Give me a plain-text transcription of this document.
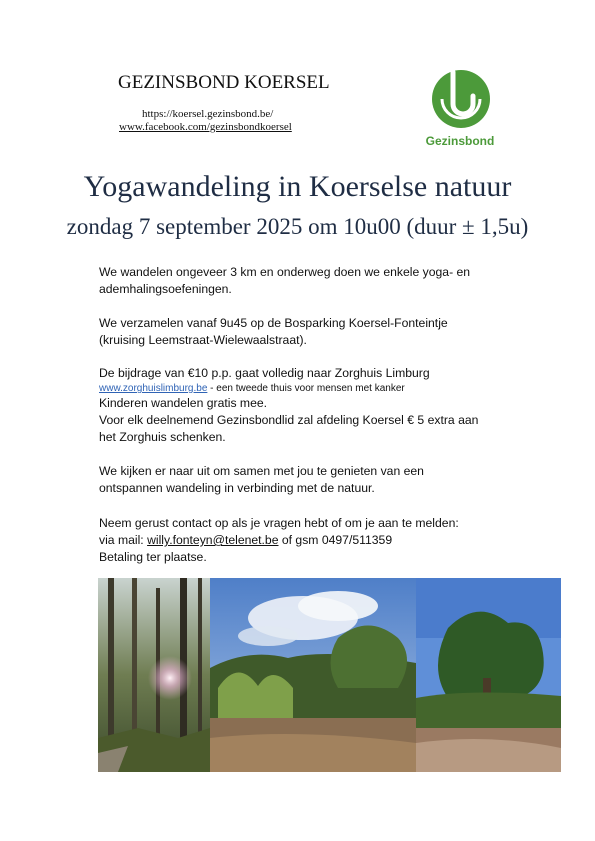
GEZINSBOND KOERSEL
https://koersel.gezinsbond.be/
www.facebook.com/gezinsbondkoersel
Gezinsbond
Yogawandeling in Koerselse natuur
zondag 7 september 2025 om 10u00 (duur ± 1,5u)
We wandelen ongeveer 3 km en onderweg doen we enkele yoga- en
ademhalingsoefeningen.
We verzamelen vanaf 9u45 op de Bosparking Koersel-Fonteintje
(kruising Leemstraat-Wielewaalstraat).
De bijdrage van €10 p.p. gaat volledig naar Zorghuis Limburg
www.zorghuislimburg.be - een tweede thuis voor mensen met kanker
Kinderen wandelen gratis mee.
Voor elk deelnemend Gezinsbondlid zal afdeling Koersel € 5 extra aan
het Zorghuis schenken.
We kijken er naar uit om samen met jou te genieten van een
ontspannen wandeling in verbinding met de natuur.
Neem gerust contact op als je vragen hebt of om je aan te melden:
via mail: willy.fonteyn@telenet.be of gsm 0497/511359
Betaling ter plaatse.
